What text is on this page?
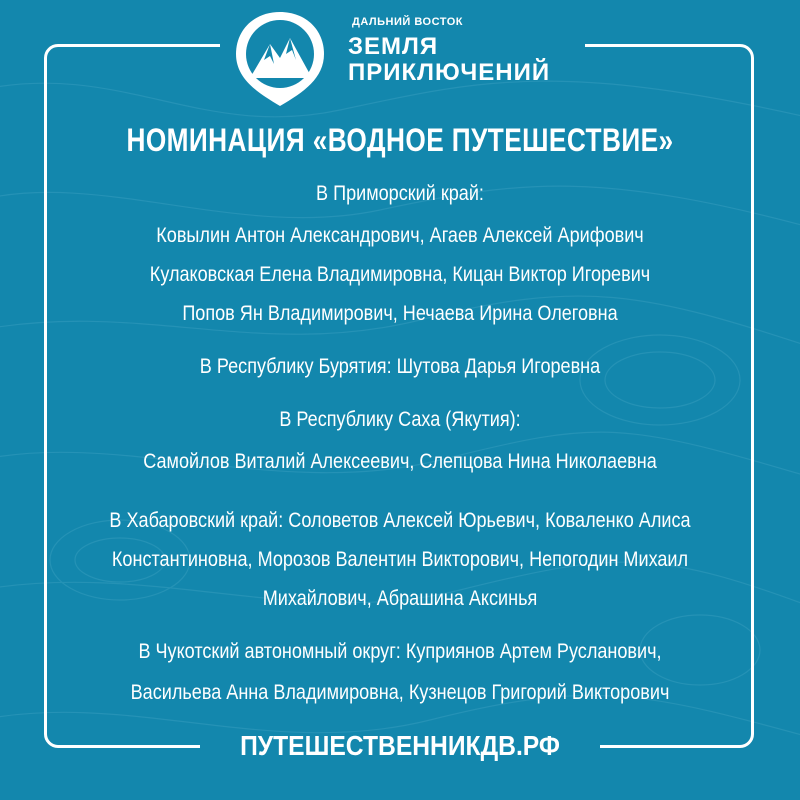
ДАЛЬНИЙ ВОСТОК
ЗЕМЛЯ
ПРИКЛЮЧЕНИЙ
НОМИНАЦИЯ «ВОДНОЕ ПУТЕШЕСТВИЕ»
В Приморский край:
Ковылин Антон Александрович, Агаев Алексей Арифович
Кулаковская Елена Владимировна, Кицан Виктор Игоревич
Попов Ян Владимирович, Нечаева Ирина Олеговна
В Республику Бурятия: Шутова Дарья Игоревна
В Республику Саха (Якутия):
Самойлов Виталий Алексеевич, Слепцова Нина Николаевна
В Хабаровский край: Соловетов Алексей Юрьевич, Коваленко Алиса
Константиновна, Морозов Валентин Викторович, Непогодин Михаил
Михайлович, Абрашина Аксинья
В Чукотский автономный округ: Куприянов Артем Русланович,
Васильева Анна Владимировна, Кузнецов Григорий Викторович
ПУТЕШЕСТВЕННИКДВ.РФ
